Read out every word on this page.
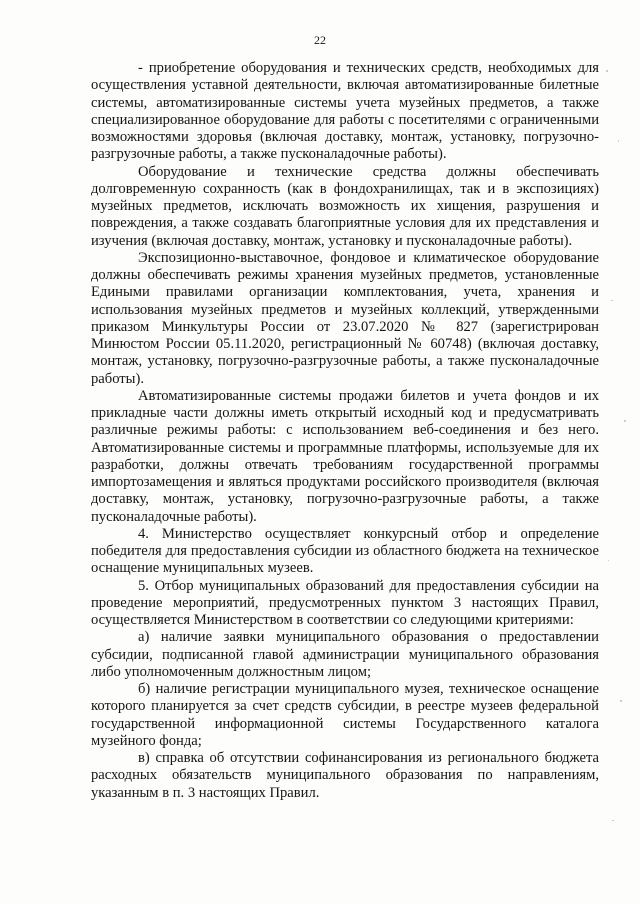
22

- приобретение оборудования и технических средств, необходимых для осуществления уставной деятельности, включая автоматизированные билетные системы, автоматизированные системы учета музейных предметов, а также специализированное оборудование для работы с посетителями с ограниченными возможностями здоровья (включая доставку, монтаж, установку, погрузочно-разгрузочные работы, а также пусконаладочные работы).

Оборудование и технические средства должны обеспечивать долговременную сохранность (как в фондохранилищах, так и в экспозициях) музейных предметов, исключать возможность их хищения, разрушения и повреждения, а также создавать благоприятные условия для их представления и изучения (включая доставку, монтаж, установку и пусконаладочные работы).

Экспозиционно-выставочное, фондовое и климатическое оборудование должны обеспечивать режимы хранения музейных предметов, установленные Едиными правилами организации комплектования, учета, хранения и использования музейных предметов и музейных коллекций, утвержденными приказом Минкультуры России от 23.07.2020 № 827 (зарегистрирован Минюстом России 05.11.2020, регистрационный № 60748) (включая доставку, монтаж, установку, погрузочно-разгрузочные работы, а также пусконаладочные работы).

Автоматизированные системы продажи билетов и учета фондов и их прикладные части должны иметь открытый исходный код и предусматривать различные режимы работы: с использованием веб-соединения и без него. Автоматизированные системы и программные платформы, используемые для их разработки, должны отвечать требованиям государственной программы импортозамещения и являться продуктами российского производителя (включая доставку, монтаж, установку, погрузочно-разгрузочные работы, а также пусконаладочные работы).

4. Министерство осуществляет конкурсный отбор и определение победителя для предоставления субсидии из областного бюджета на техническое оснащение муниципальных музеев.

5. Отбор муниципальных образований для предоставления субсидии на проведение мероприятий, предусмотренных пунктом 3 настоящих Правил, осуществляется Министерством в соответствии со следующими критериями:

а) наличие заявки муниципального образования о предоставлении субсидии, подписанной главой администрации муниципального образования либо уполномоченным должностным лицом;

б) наличие регистрации муниципального музея, техническое оснащение которого планируется за счет средств субсидии, в реестре музеев федеральной государственной информационной системы Государственного каталога музейного фонда;

в) справка об отсутствии софинансирования из регионального бюджета расходных обязательств муниципального образования по направлениям, указанным в п. 3 настоящих Правил.
